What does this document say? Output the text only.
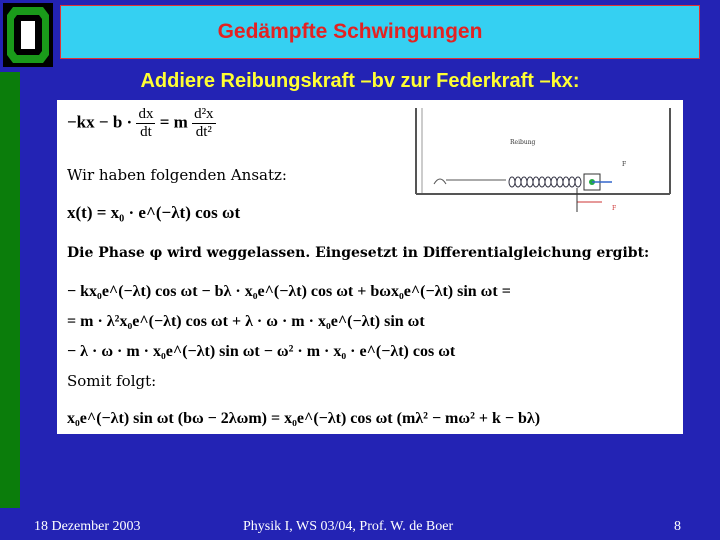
Gedämpfte Schwingungen
Addiere Reibungskraft –bv zur Federkraft –kx:
$-kx - b \cdot \frac{dx}{dt} = m \frac{\text{d²x}}{\text{dt²}}$
Wir haben folgenden Ansatz:
x(t) = x₀ · e^(−λt) cos ωt
Die Phase φ wird weggelassen. Eingesetzt in Differentialgleichung ergibt:
− kx₀e^(−λt) cos ωt − bλ · x₀e^(−λt) cos ωt + bωx₀e^(−λt) sin ωt =
= m · λ²x₀e^(−λt) cos ωt + λ · ω · m · x₀e^(−λt) sin ωt
− λ · ω · m · x₀e^(−λt) sin ωt − ω² · m · x₀ · e^(−λt) cos ωt
Somit folgt:
x₀e^(−λt) sin ωt (bω − 2λωm) = x₀e^(−λt) cos ωt (mλ² − mω² + k − bλ)
Reibung
F
F
18 Dezember 2003	Physik I, WS 03/04, Prof. W. de Boer	8
